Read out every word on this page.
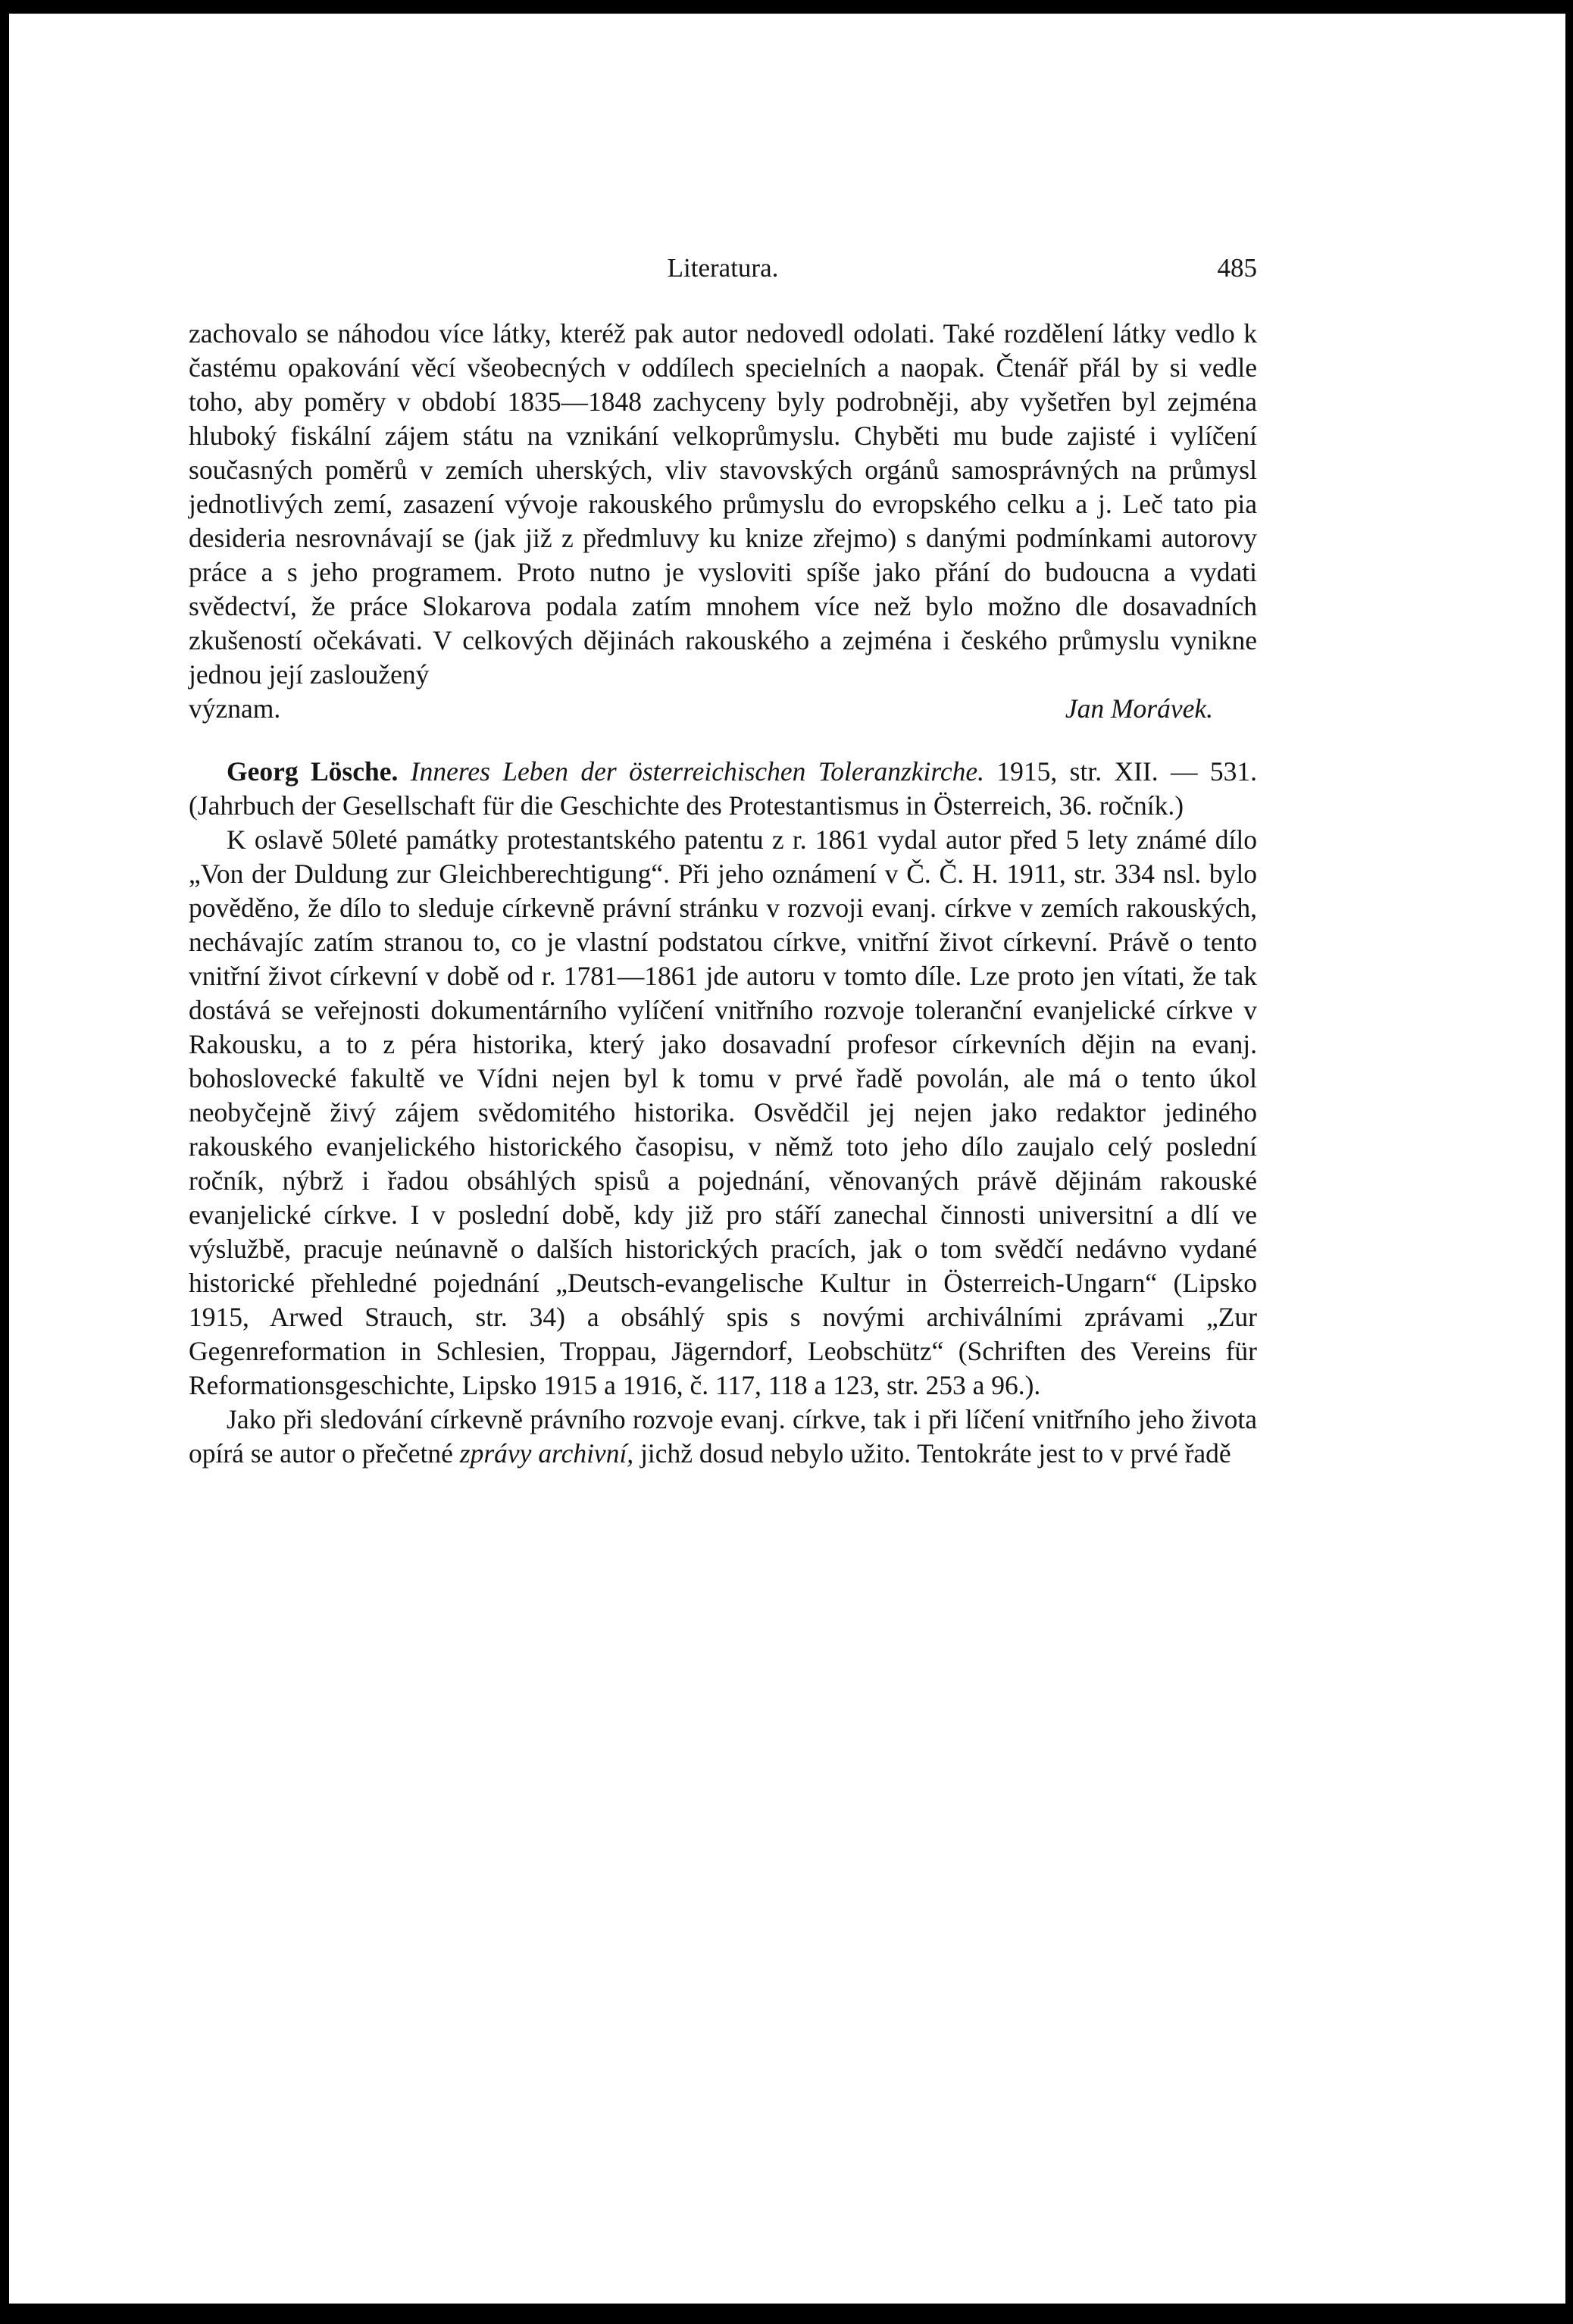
Literatura.	485

zachovalo se náhodou více látky, kteréž pak autor nedovedl odolati. Také rozdělení látky vedlo k častému opakování věcí všeobecných v oddílech specielních a naopak. Čtenář přál by si vedle toho, aby poměry v období 1835—1848 zachyceny byly podrobněji, aby vyšetřen byl zejména hluboký fiskální zájem státu na vznikání velkoprůmyslu. Chyběti mu bude zajisté i vylíčení současných poměrů v zemích uherských, vliv stavovských orgánů samosprávných na průmysl jednotlivých zemí, zasazení vývoje rakouského průmyslu do evropského celku a j. Leč tato pia desideria nesrovnávají se (jak již z předmluvy ku knize zřejmo) s danými podmínkami autorovy práce a s jeho programem. Proto nutno je vysloviti spíše jako přání do budoucna a vydati svědectví, že práce Slokarova podala zatím mnohem více než bylo možno dle dosavadních zkušeností očekávati. V celkových dějinách rakouského a zejména i českého průmyslu vynikne jednou její zasloužený

význam.	Jan Morávek.

Georg Lösche. Inneres Leben der österreichischen Toleranzkirche. 1915, str. XII. — 531. (Jahrbuch der Gesellschaft für die Geschichte des Protestantismus in Österreich, 36. ročník.)

K oslavě 50leté památky protestantského patentu z r. 1861 vydal autor před 5 lety známé dílo „Von der Duldung zur Gleichberechtigung“. Při jeho oznámení v Č. Č. H. 1911, str. 334 nsl. bylo pověděno, že dílo to sleduje církevně právní stránku v rozvoji evanj. církve v zemích rakouských, nechávajíc zatím stranou to, co je vlastní podstatou církve, vnitřní život církevní. Právě o tento vnitřní život církevní v době od r. 1781—1861 jde autoru v tomto díle. Lze proto jen vítati, že tak dostává se veřejnosti dokumentárního vylíčení vnitřního rozvoje toleranční evanjelické církve v Rakousku, a to z péra historika, který jako dosavadní profesor církevních dějin na evanj. bohoslovecké fakultě ve Vídni nejen byl k tomu v prvé řadě povolán, ale má o tento úkol neobyčejně živý zájem svědomitého historika. Osvědčil jej nejen jako redaktor jediného rakouského evanjelického historického časopisu, v němž toto jeho dílo zaujalo celý poslední ročník, nýbrž i řadou obsáhlých spisů a pojednání, věnovaných právě dějinám rakouské evanjelické církve. I v poslední době, kdy již pro stáří zanechal činnosti universitní a dlí ve výslužbě, pracuje neúnavně o dalších historických pracích, jak o tom svědčí nedávno vydané historické přehledné pojednání „Deutsch-evangelische Kultur in Österreich-Ungarn“ (Lipsko 1915, Arwed Strauch, str. 34) a obsáhlý spis s novými archiválními zprávami „Zur Gegenreformation in Schlesien, Troppau, Jägerndorf, Leobschütz“ (Schriften des Vereins für Reformationsgeschichte, Lipsko 1915 a 1916, č. 117, 118 a 123, str. 253 a 96.).

Jako při sledování církevně právního rozvoje evanj. církve, tak i při líčení vnitřního jeho života opírá se autor o přečetné zprávy archivní, jichž dosud nebylo užito. Tentokráte jest to v prvé řadě
